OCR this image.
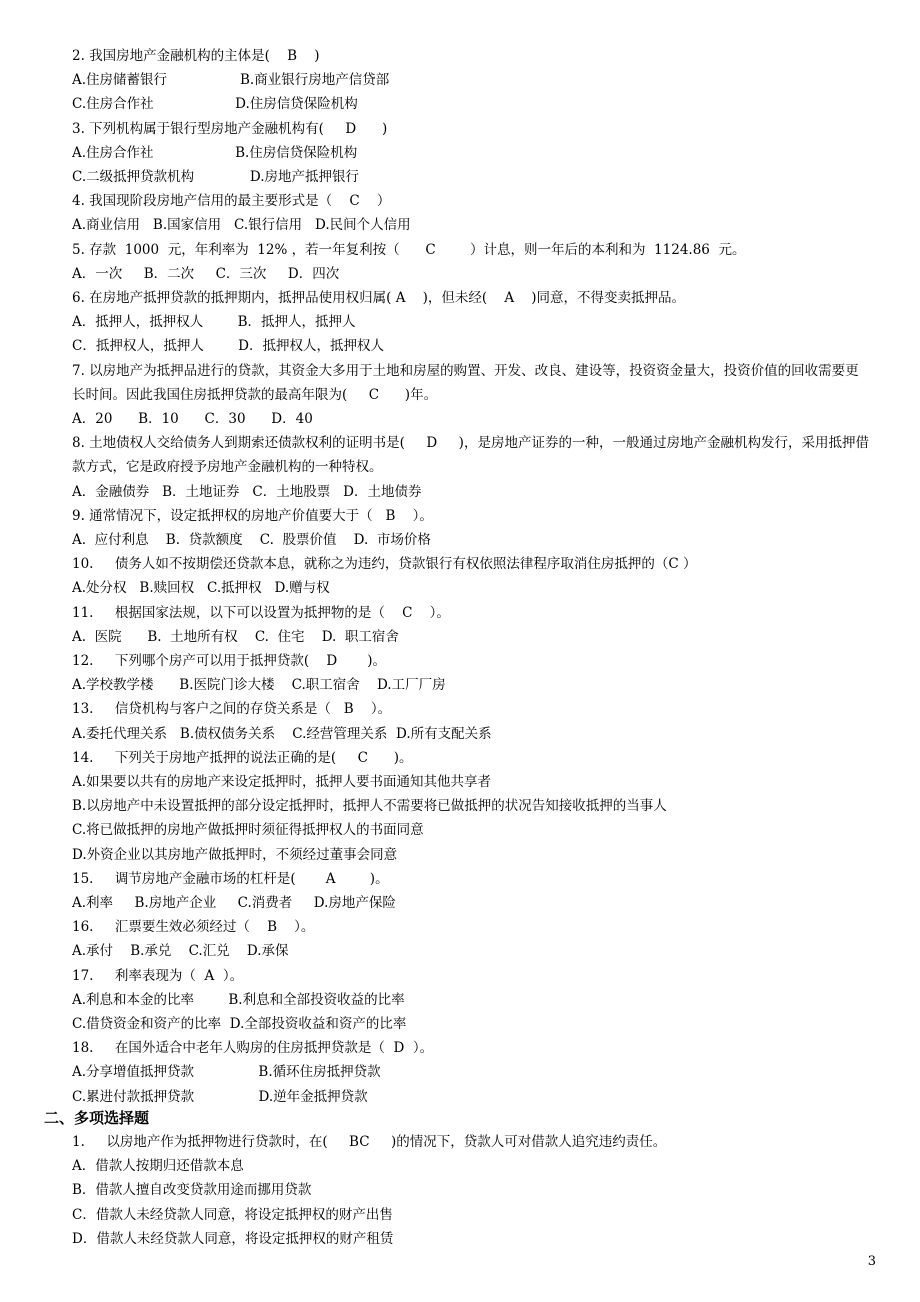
2. 我国房地产金融机构的主体是(    B    )
A.住房储蓄银行                 B.商业银行房地产信贷部
C.住房合作社                   D.住房信贷保险机构
3. 下列机构属于银行型房地产金融机构有(     D      )
A.住房合作社                   B.住房信贷保险机构
C.二级抵押贷款机构             D.房地产抵押银行
4. 我国现阶段房地产信用的最主要形式是（    C    ）
A.商业信用   B.国家信用   C.银行信用   D.民间个人信用
5. 存款  1000  元，年利率为  12% ，若一年复利按（      C        ）计息，则一年后的本利和为  1124.86  元。
A．一次     B．二次     C．三次     D．四次
6. 在房地产抵押贷款的抵押期内，抵押品使用权归属( A    )，但未经(    A    )同意，不得变卖抵押品。
A．抵押人，抵押权人        B．抵押人，抵押人
C．抵押权人，抵押人        D．抵押权人，抵押权人
7. 以房地产为抵押品进行的贷款，其资金大多用于土地和房屋的购置、开发、改良、建设等，投资资金量大，投资价值的回收需要更
长时间。因此我国住房抵押贷款的最高年限为(     C      )年。
A．20      B．10      C．30      D．40
8. 土地债权人交给债务人到期索还债款权利的证明书是(     D     )，是房地产证券的一种，一般通过房地产金融机构发行，采用抵押借
款方式，它是政府授予房地产金融机构的一种特权。
A．金融债券   B．土地证券   C．土地股票   D．土地债券
9. 通常情况下，设定抵押权的房地产价值要大于（   B    ）。
A.  应付利息    B.  贷款额度    C.  股票价值    D.  市场价格
10.     债务人如不按期偿还贷款本息，就称之为违约，贷款银行有权依照法律程序取消住房抵押的（C ）
A.处分权   B.赎回权   C.抵押权   D.赠与权
11.     根据国家法规，以下可以设置为抵押物的是（    C    ）。
A.  医院      B.  土地所有权    C.  住宅    D.  职工宿舍
12.     下列哪个房产可以用于抵押贷款(    D       )。
A.学校教学楼      B.医院门诊大楼    C.职工宿舍    D.工厂厂房
13.     信贷机构与客户之间的存贷关系是（   B    ）。
A.委托代理关系   B.债权债务关系    C.经营管理关系  D.所有支配关系
14.     下列关于房地产抵押的说法正确的是(     C      )。
A.如果要以共有的房地产来设定抵押时，抵押人要书面通知其他共享者
B.以房地产中未设置抵押的部分设定抵押时，抵押人不需要将已做抵押的状况告知接收抵押的当事人
C.将已做抵押的房地产做抵押时须征得抵押权人的书面同意
D.外资企业以其房地产做抵押时，不须经过董事会同意
15.     调节房地产金融市场的杠杆是(       A        )。
A.利率     B.房地产企业     C.消费者     D.房地产保险
16.     汇票要生效必须经过（    B    ）。
A.承付    B.承兑    C.汇兑    D.承保
17.     利率表现为（  A  ）。
A.利息和本金的比率        B.利息和全部投资收益的比率
C.借贷资金和资产的比率  D.全部投资收益和资产的比率
18.     在国外适合中老年人购房的住房抵押贷款是（  D  ）。
A.分享增值抵押贷款               B.循环住房抵押贷款
C.累进付款抵押贷款               D.逆年金抵押贷款
二、多项选择题
1.     以房地产作为抵押物进行贷款时，在(     BC     )的情况下，贷款人可对借款人追究违约责任。
A．借款人按期归还借款本息
B．借款人擅自改变贷款用途而挪用贷款
C．借款人未经贷款人同意，将设定抵押权的财产出售
D．借款人未经贷款人同意，将设定抵押权的财产租赁
3
